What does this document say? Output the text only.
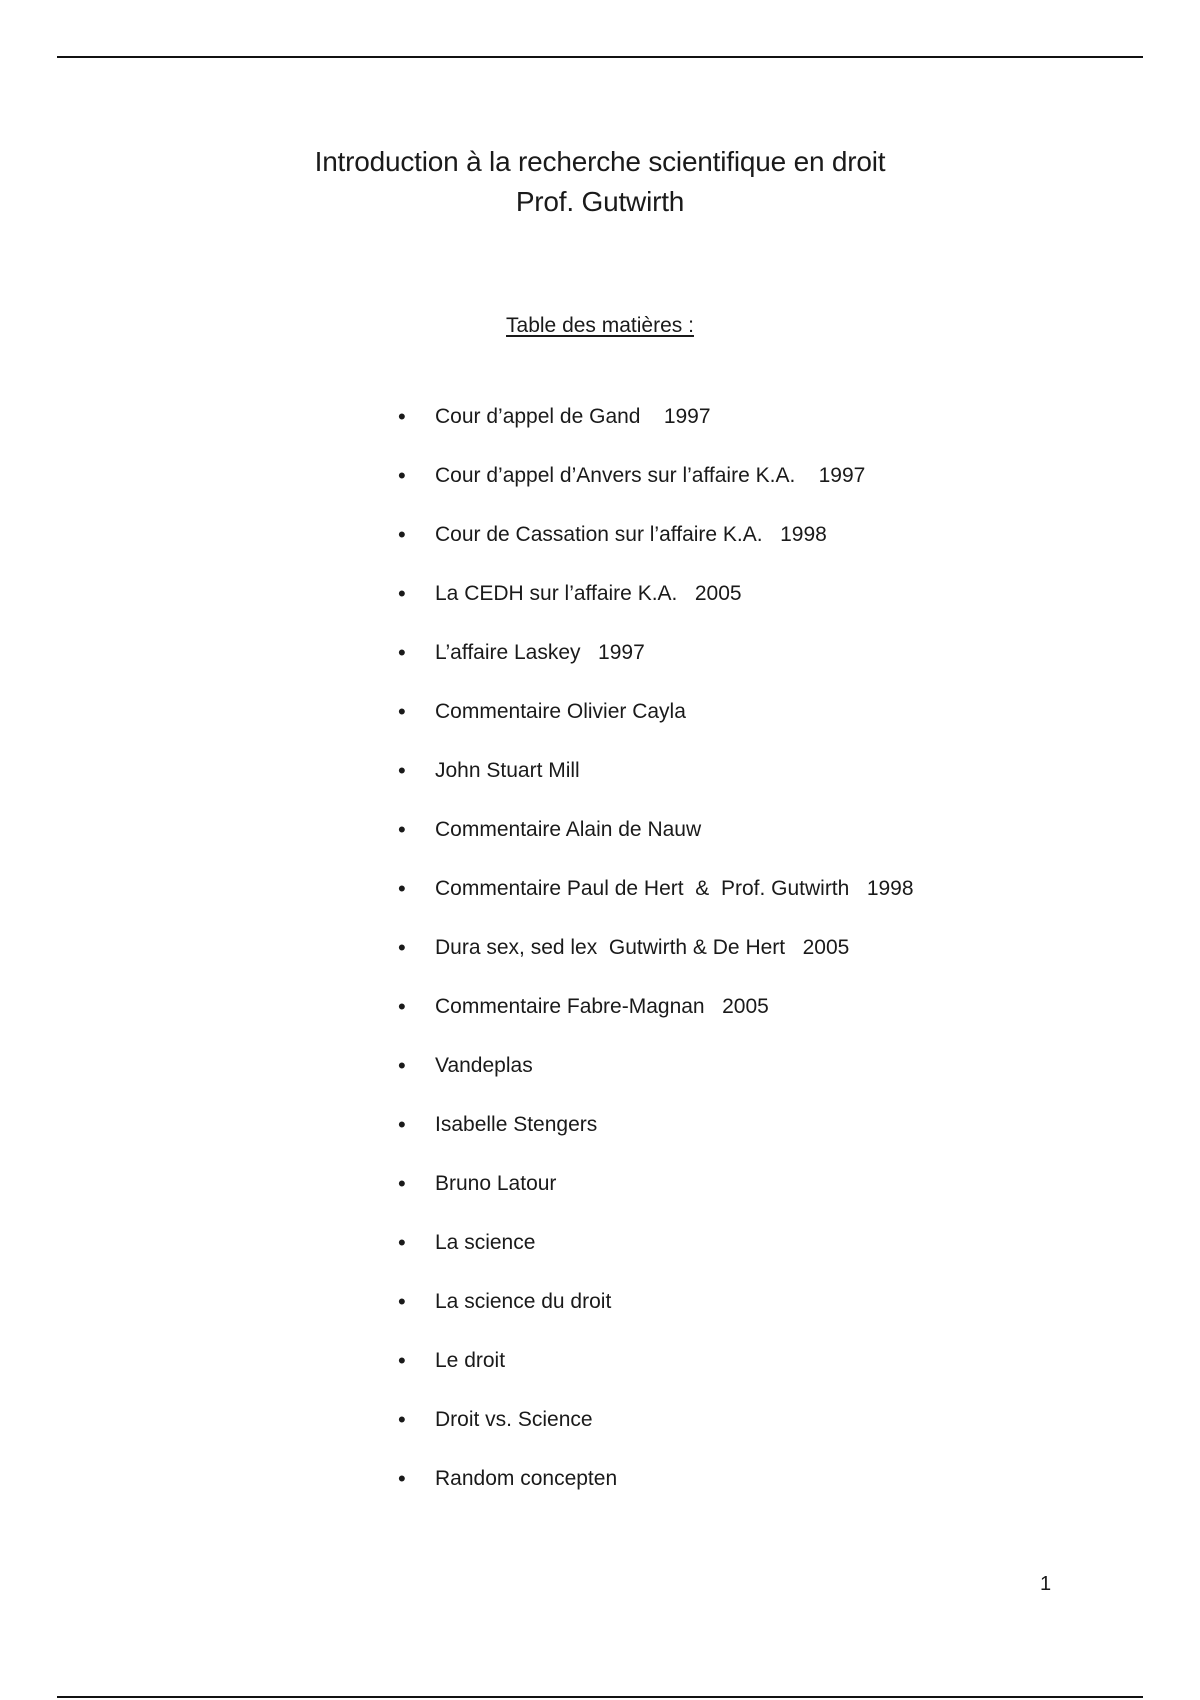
Introduction à la recherche scientifique en droit
Prof. Gutwirth
Table des matières :
• Cour d’appel de Gand    1997
• Cour d’appel d’Anvers sur l’affaire K.A.    1997
• Cour de Cassation sur l’affaire K.A.   1998
• La CEDH sur l’affaire K.A.   2005
• L’affaire Laskey   1997
• Commentaire Olivier Cayla
• John Stuart Mill
• Commentaire Alain de Nauw
• Commentaire Paul de Hert  &  Prof. Gutwirth   1998
• Dura sex, sed lex  Gutwirth & De Hert   2005
• Commentaire Fabre-Magnan   2005
• Vandeplas
• Isabelle Stengers
• Bruno Latour
• La science
• La science du droit
• Le droit
• Droit vs. Science
• Random concepten
1
